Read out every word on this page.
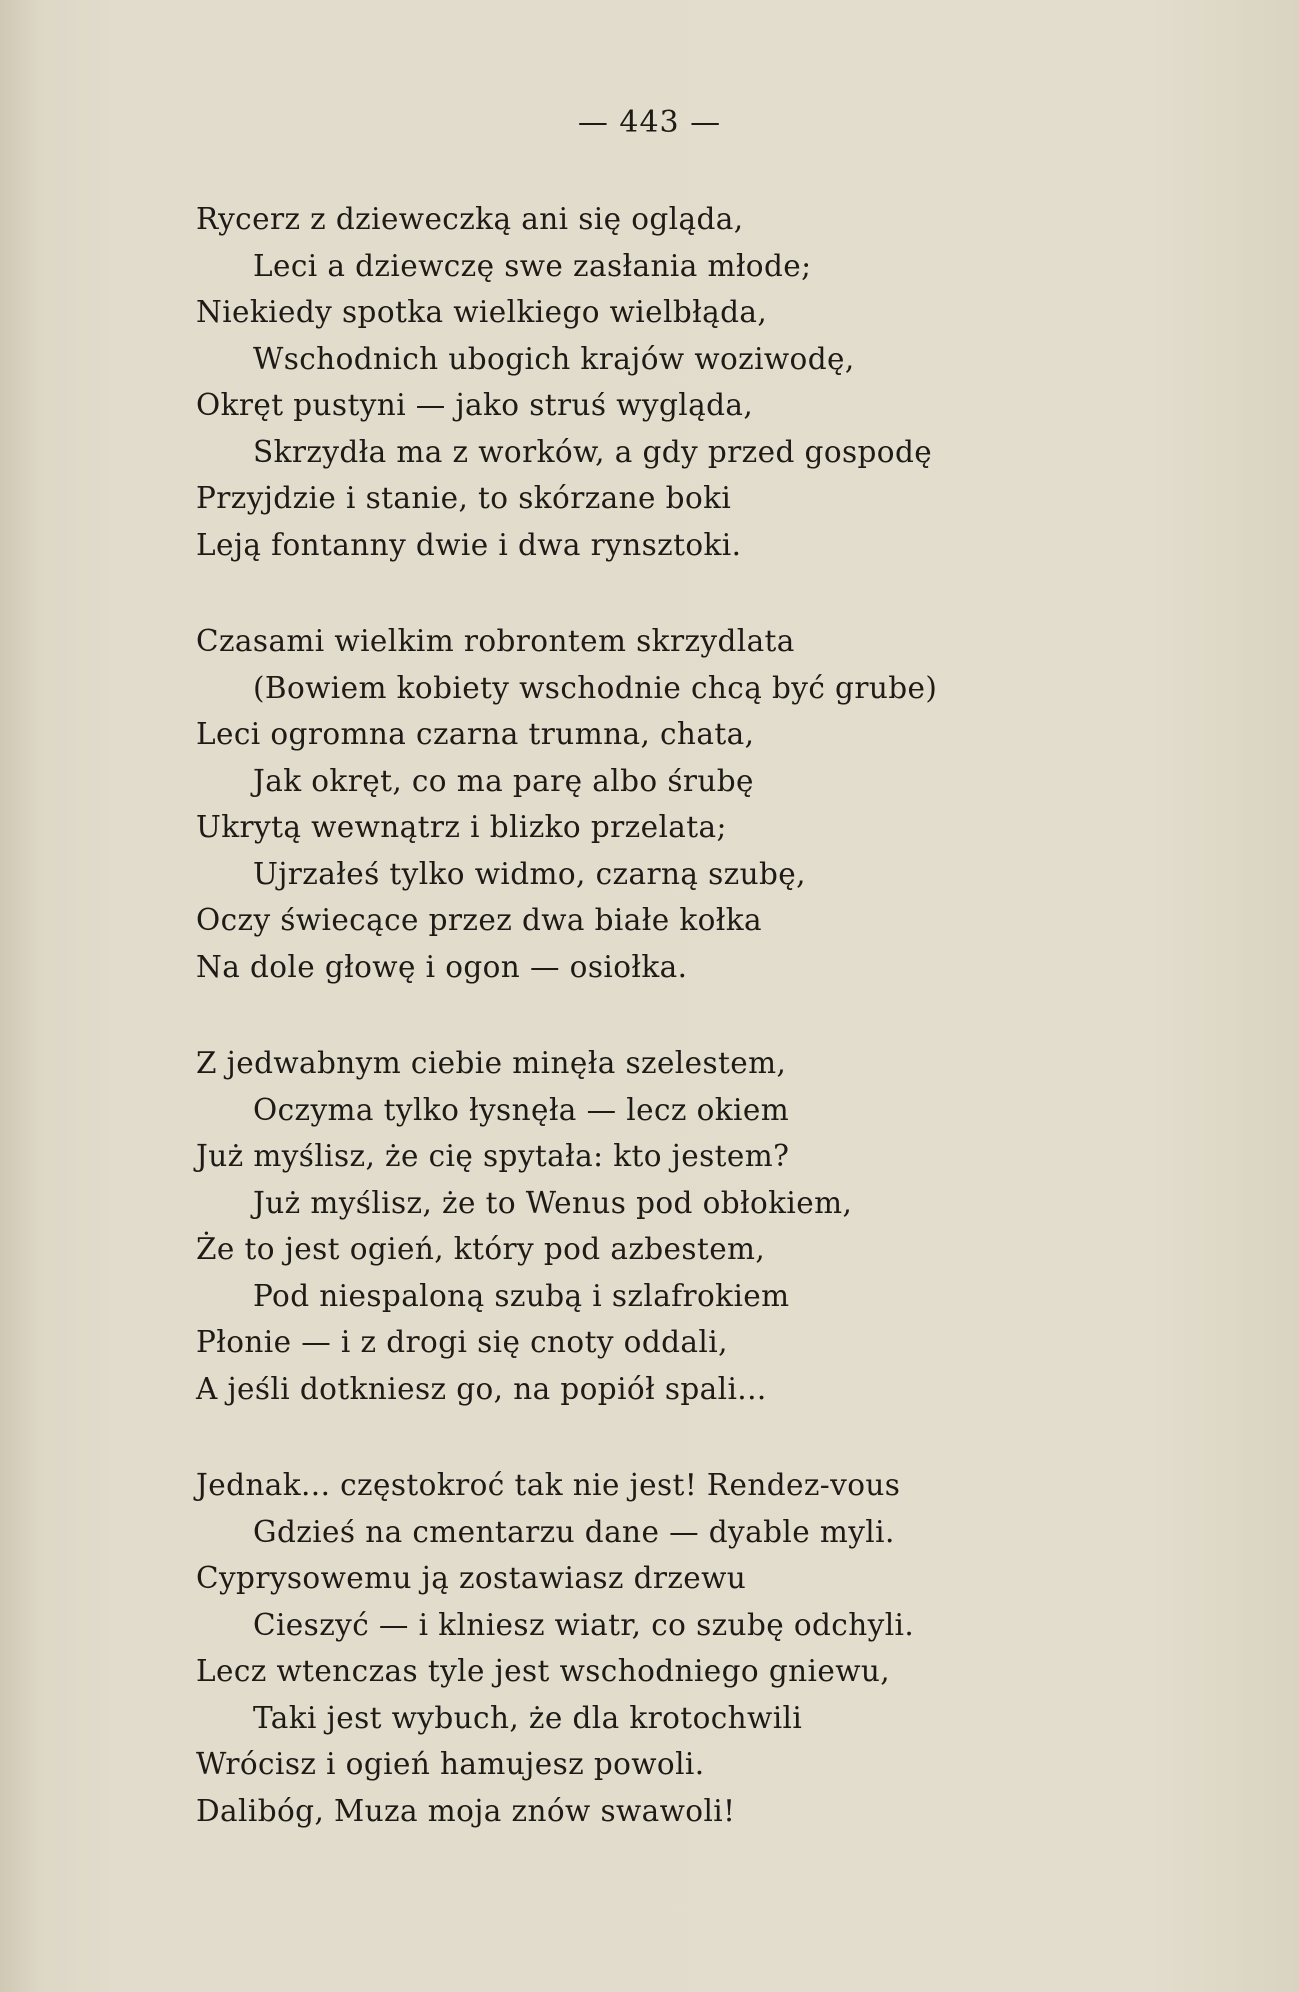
— 443 —
Rycerz z dzieweczką ani się ogląda,
Leci a dziewczę swe zasłania młode;
Niekiedy spotka wielkiego wielbłąda,
Wschodnich ubogich krajów woziwodę,
Okręt pustyni — jako struś wygląda,
Skrzydła ma z worków, a gdy przed gospodę
Przyjdzie i stanie, to skórzane boki
Leją fontanny dwie i dwa rynsztoki.
Czasami wielkim robrontem skrzydlata
(Bowiem kobiety wschodnie chcą być grube)
Leci ogromna czarna trumna, chata,
Jak okręt, co ma parę albo śrubę
Ukrytą wewnątrz i blizko przelata;
Ujrzałeś tylko widmo, czarną szubę,
Oczy świecące przez dwa białe kołka
Na dole głowę i ogon — osiołka.
Z jedwabnym ciebie minęła szelestem,
Oczyma tylko łysnęła — lecz okiem
Już myślisz, że cię spytała: kto jestem?
Już myślisz, że to Wenus pod obłokiem,
Że to jest ogień, który pod azbestem,
Pod niespaloną szubą i szlafrokiem
Płonie — i z drogi się cnoty oddali,
A jeśli dotkniesz go, na popiół spali...
Jednak... częstokroć tak nie jest! Rendez-vous
Gdzieś na cmentarzu dane — dyable myli.
Cyprysowemu ją zostawiasz drzewu
Cieszyć — i klniesz wiatr, co szubę odchyli.
Lecz wtenczas tyle jest wschodniego gniewu,
Taki jest wybuch, że dla krotochwili
Wrócisz i ogień hamujesz powoli.
Dalibóg, Muza moja znów swawoli!
